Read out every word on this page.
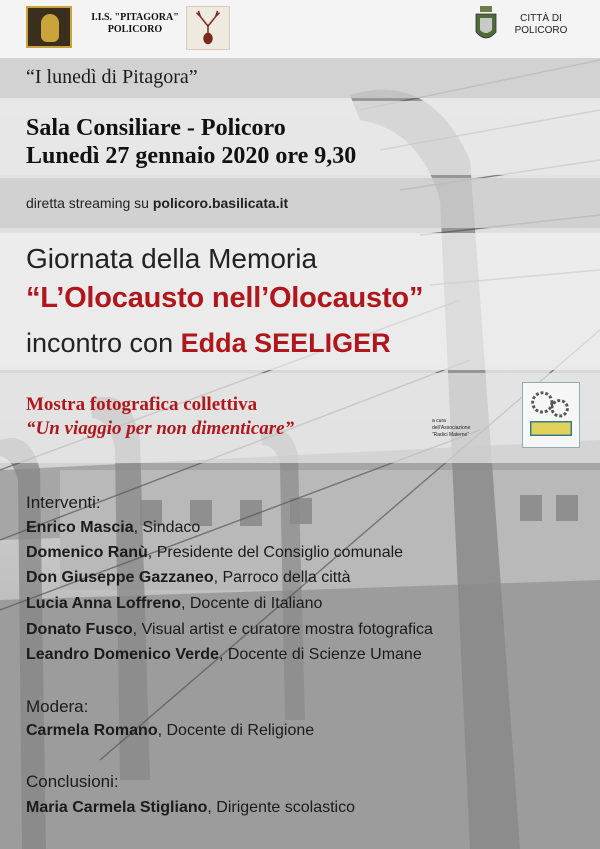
I.I.S. "PITAGORA"
POLICORO
CITTÀ DI
POLICORO
“I lunedì di Pitagora”
Sala Consiliare - Policoro
Lunedì 27 gennaio 2020 ore 9,30
diretta streaming su policoro.basilicata.it
Giornata della Memoria
“L’Olocausto nell’Olocausto”
incontro con Edda SEELIGER
Mostra fotografica collettiva
“Un viaggio per non dimenticare”	a cura
dell’Associazione
“Radici Materne”
Interventi:
Enrico Mascia, Sindaco
Domenico Ranù, Presidente del Consiglio comunale
Don Giuseppe Gazzaneo, Parroco della città
Lucia Anna Loffreno, Docente di Italiano
Donato Fusco, Visual artist e curatore mostra fotografica
Leandro Domenico Verde, Docente di Scienze Umane
Modera:
Carmela Romano, Docente di Religione
Conclusioni:
Maria Carmela Stigliano, Dirigente scolastico
